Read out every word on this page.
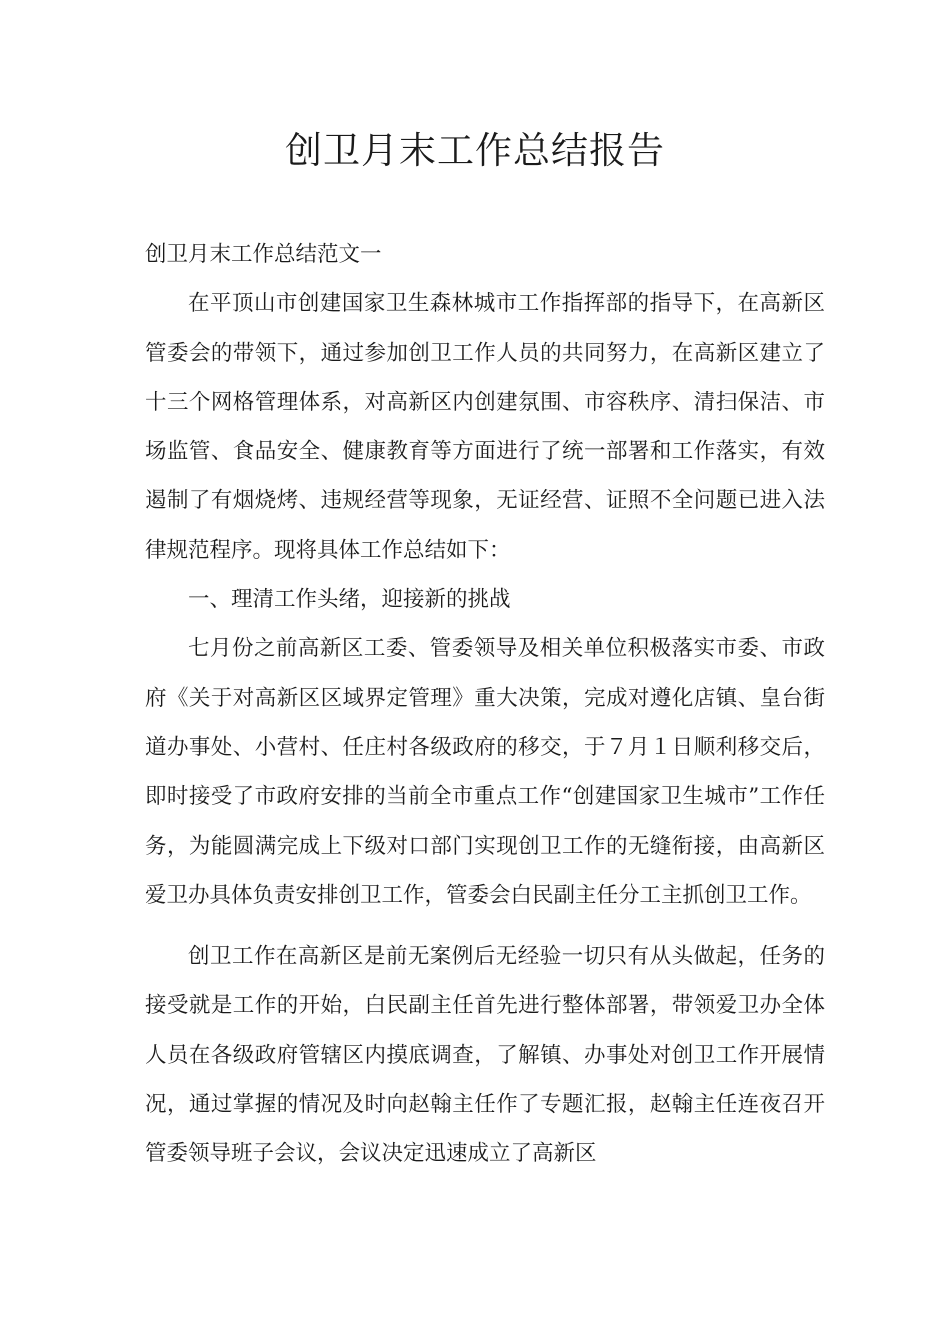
创卫月末工作总结报告

创卫月末工作总结范文一

在平顶山市创建国家卫生森林城市工作指挥部的指导下，在高新区管委会的带领下，通过参加创卫工作人员的共同努力，在高新区建立了十三个网格管理体系，对高新区内创建氛围、市容秩序、清扫保洁、市场监管、食品安全、健康教育等方面进行了统一部署和工作落实，有效遏制了有烟烧烤、违规经营等现象，无证经营、证照不全问题已进入法律规范程序。现将具体工作总结如下：

一、理清工作头绪，迎接新的挑战

七月份之前高新区工委、管委领导及相关单位积极落实市委、市政府《关于对高新区区域界定管理》重大决策，完成对遵化店镇、皇台街道办事处、小营村、任庄村各级政府的移交，于７月１日顺利移交后，即时接受了市政府安排的当前全市重点工作“创建国家卫生城市”工作任务，为能圆满完成上下级对口部门实现创卫工作的无缝衔接，由高新区爱卫办具体负责安排创卫工作，管委会白民副主任分工主抓创卫工作。

创卫工作在高新区是前无案例后无经验一切只有从头做起，任务的接受就是工作的开始，白民副主任首先进行整体部署，带领爱卫办全体人员在各级政府管辖区内摸底调查，了解镇、办事处对创卫工作开展情况，通过掌握的情况及时向赵翰主任作了专题汇报，赵翰主任连夜召开管委领导班子会议，会议决定迅速成立了高新区
